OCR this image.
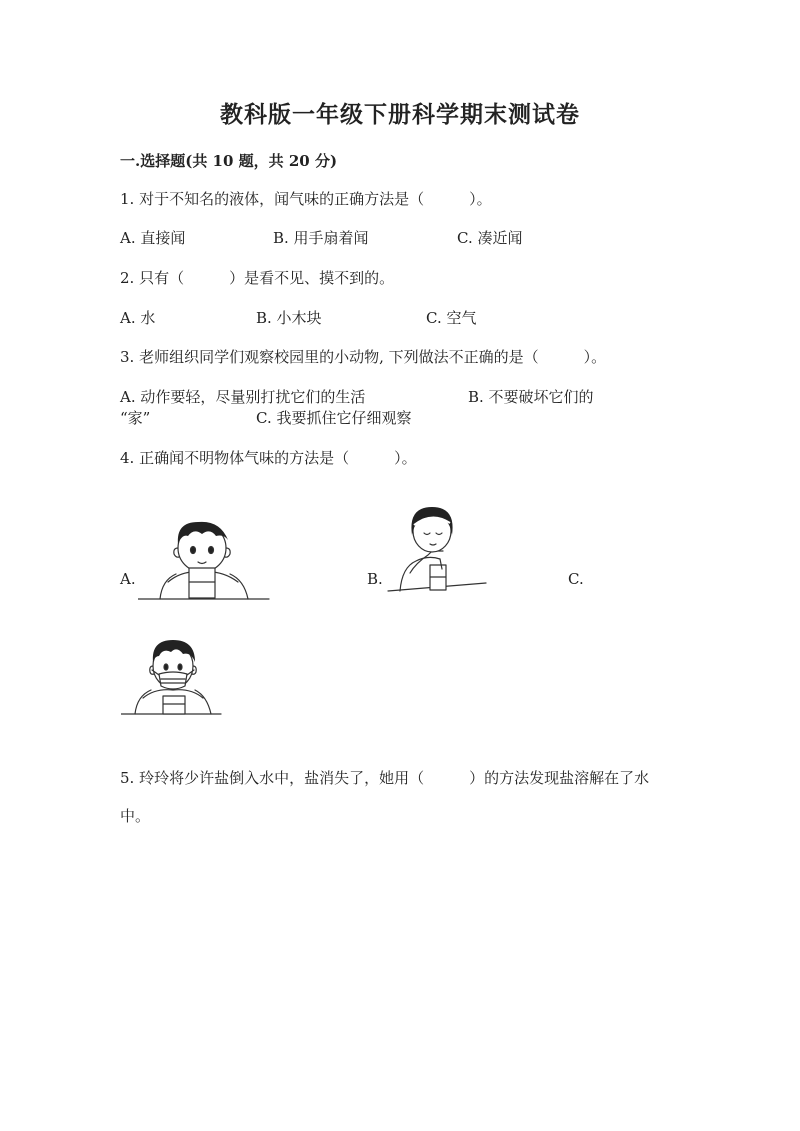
教科版一年级下册科学期末测试卷
一.选择题(共 10 题，共 20 分)
1. 对于不知名的液体，闻气味的正确方法是（　　　）。
A. 直接闻	B. 用手扇着闻	C. 凑近闻
2. 只有（　　　）是看不见、摸不到的。
A. 水	B. 小木块	C. 空气
3. 老师组织同学们观察校园里的小动物, 下列做法不正确的是（　　　）。
A. 动作要轻，尽量别打扰它们的生活	B. 不要破坏它们的
“家”	C. 我要抓住它仔细观察
4. 正确闻不明物体气味的方法是（　　　）。
A.	B.	C.
5. 玲玲将少许盐倒入水中，盐消失了，她用（　　　）的方法发现盐溶解在了水
中。
